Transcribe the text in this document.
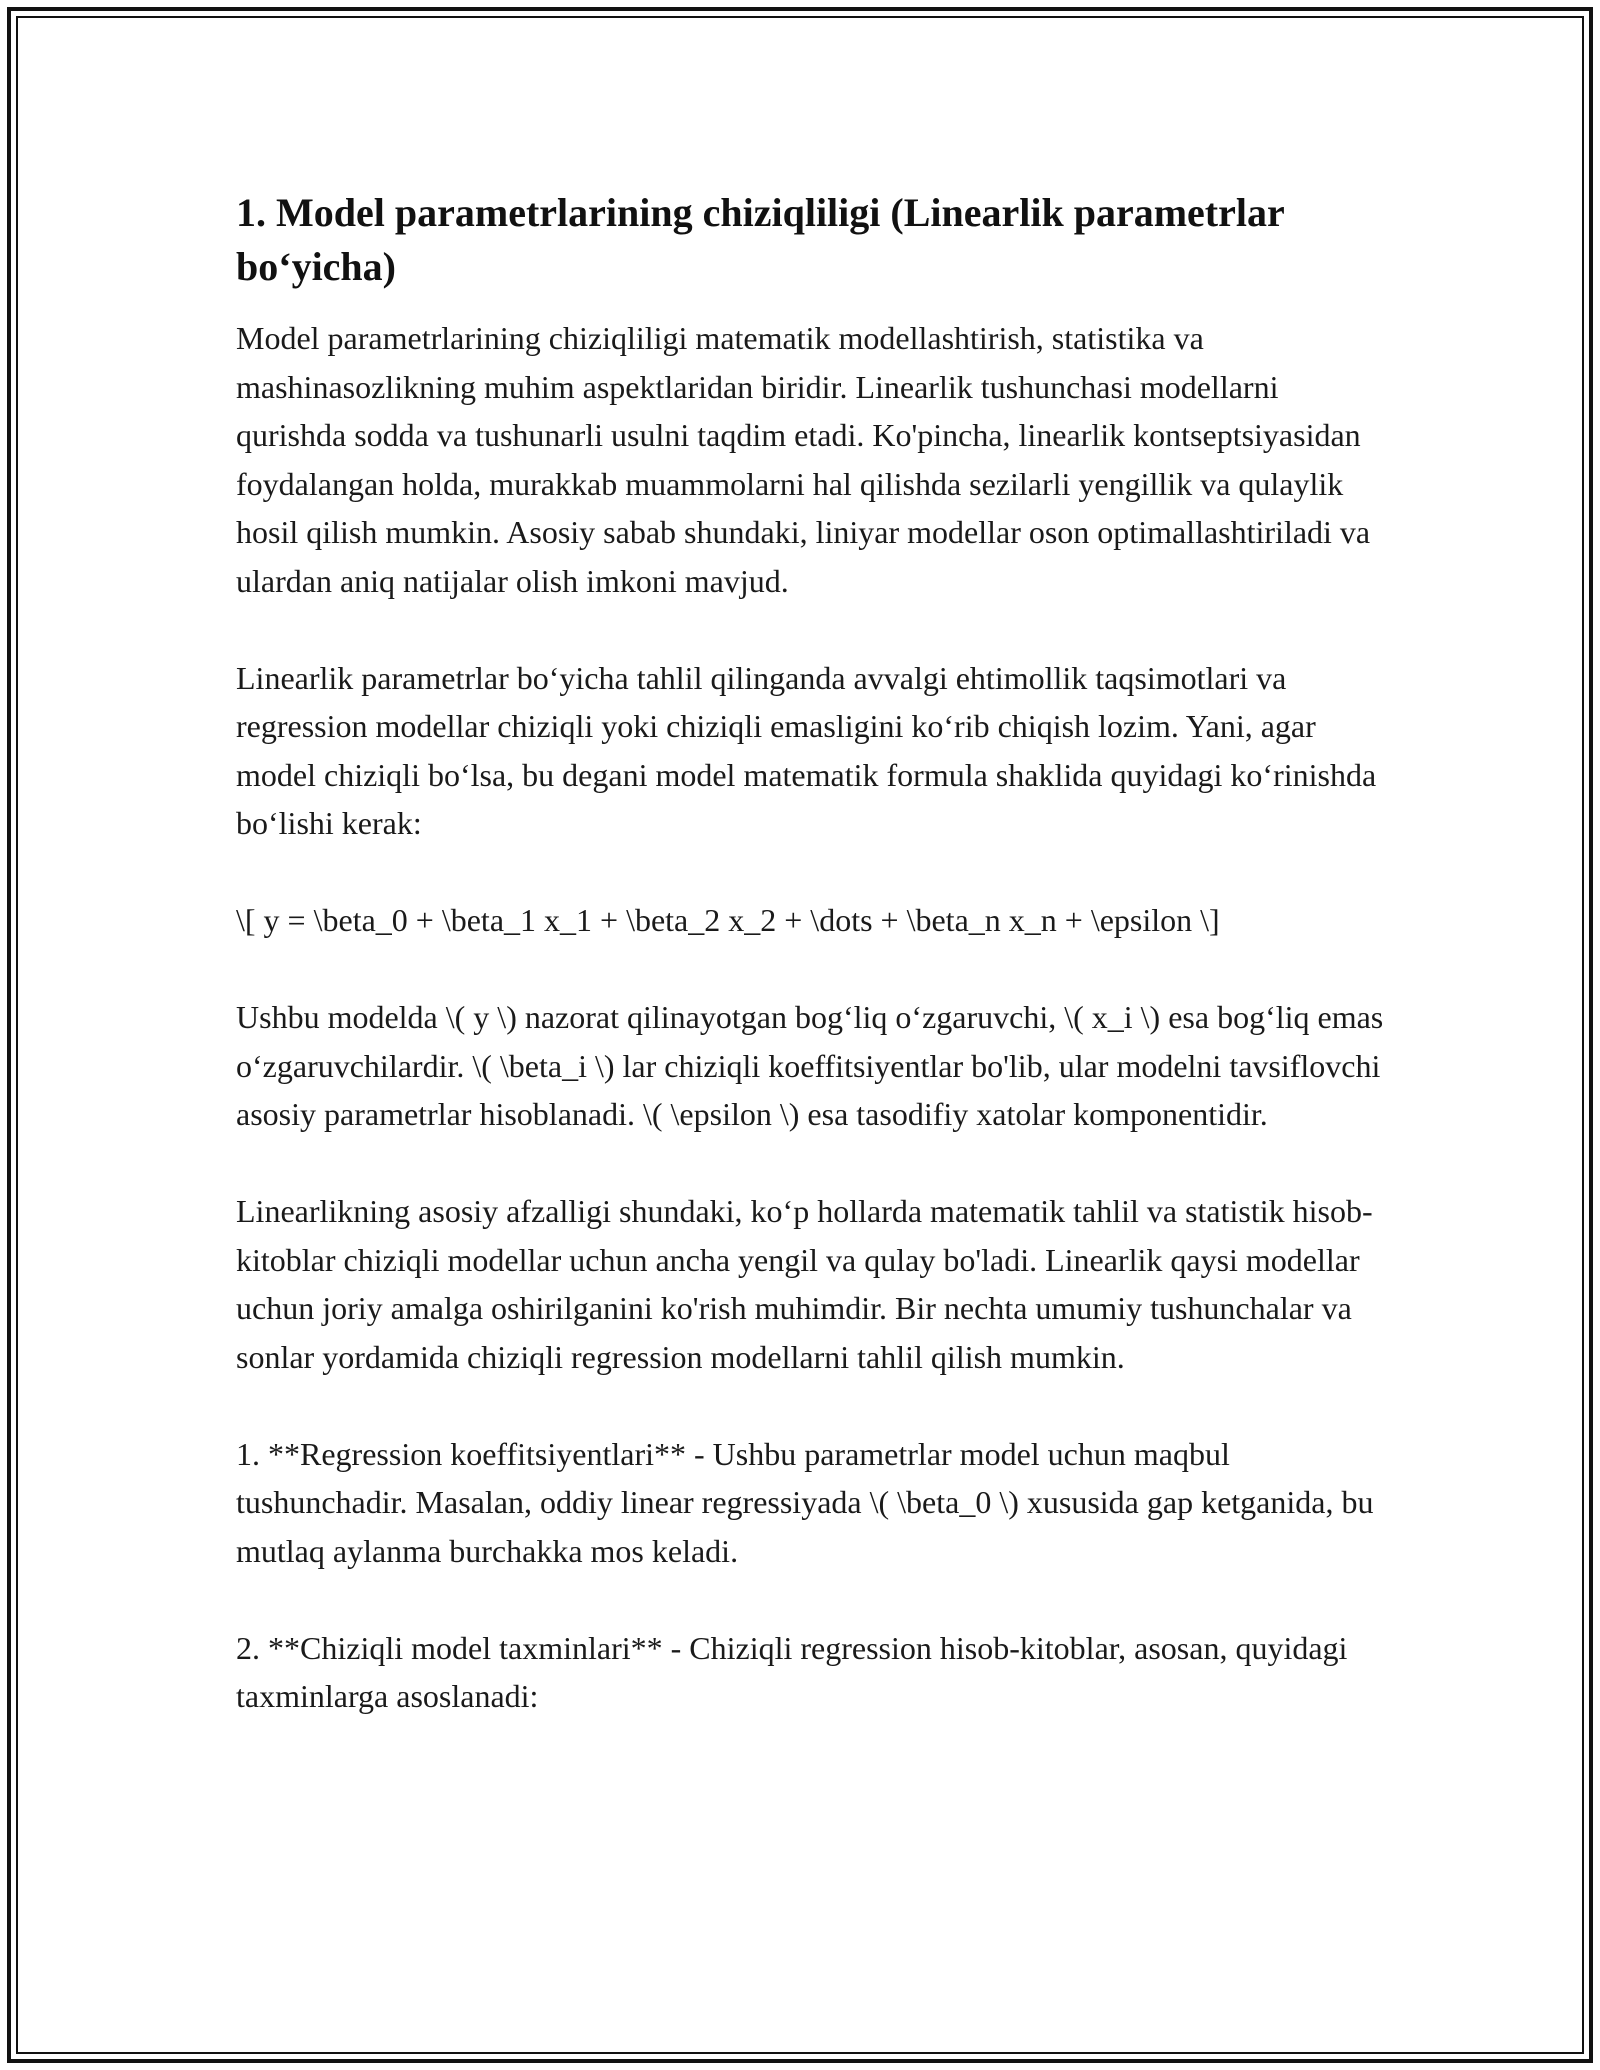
1. Model parametrlarining chiziqliligi (Linearlik parametrlar bo‘yicha)

Model parametrlarining chiziqliligi matematik modellashtirish, statistika va mashinasozlikning muhim aspektlaridan biridir. Linearlik tushunchasi modellarni qurishda sodda va tushunarli usulni taqdim etadi. Ko'pincha, linearlik kontseptsiyasidan foydalangan holda, murakkab muammolarni hal qilishda sezilarli yengillik va qulaylik hosil qilish mumkin. Asosiy sabab shundaki, liniyar modellar oson optimallashtiriladi va ulardan aniq natijalar olish imkoni mavjud.

Linearlik parametrlar bo‘yicha tahlil qilinganda avvalgi ehtimollik taqsimotlari va regression modellar chiziqli yoki chiziqli emasligini ko‘rib chiqish lozim. Yani, agar model chiziqli bo‘lsa, bu degani model matematik formula shaklida quyidagi ko‘rinishda bo‘lishi kerak:

\[ y = \beta_0 + \beta_1 x_1 + \beta_2 x_2 + \dots + \beta_n x_n + \epsilon \]

Ushbu modelda \( y \) nazorat qilinayotgan bog‘liq o‘zgaruvchi, \( x_i \) esa bog‘liq emas o‘zgaruvchilardir. \( \beta_i \) lar chiziqli koeffitsiyentlar bo'lib, ular modelni tavsiflovchi asosiy parametrlar hisoblanadi. \( \epsilon \) esa tasodifiy xatolar komponentidir.

Linearlikning asosiy afzalligi shundaki, ko‘p hollarda matematik tahlil va statistik hisob-kitoblar chiziqli modellar uchun ancha yengil va qulay bo'ladi. Linearlik qaysi modellar uchun joriy amalga oshirilganini ko'rish muhimdir. Bir nechta umumiy tushunchalar va sonlar yordamida chiziqli regression modellarni tahlil qilish mumkin.

1. **Regression koeffitsiyentlari** - Ushbu parametrlar model uchun maqbul tushunchadir. Masalan, oddiy linear regressiyada \( \beta_0 \) xususida gap ketganida, bu mutlaq aylanma burchakka mos keladi.

2. **Chiziqli model taxminlari** - Chiziqli regression hisob-kitoblar, asosan, quyidagi taxminlarga asoslanadi:
